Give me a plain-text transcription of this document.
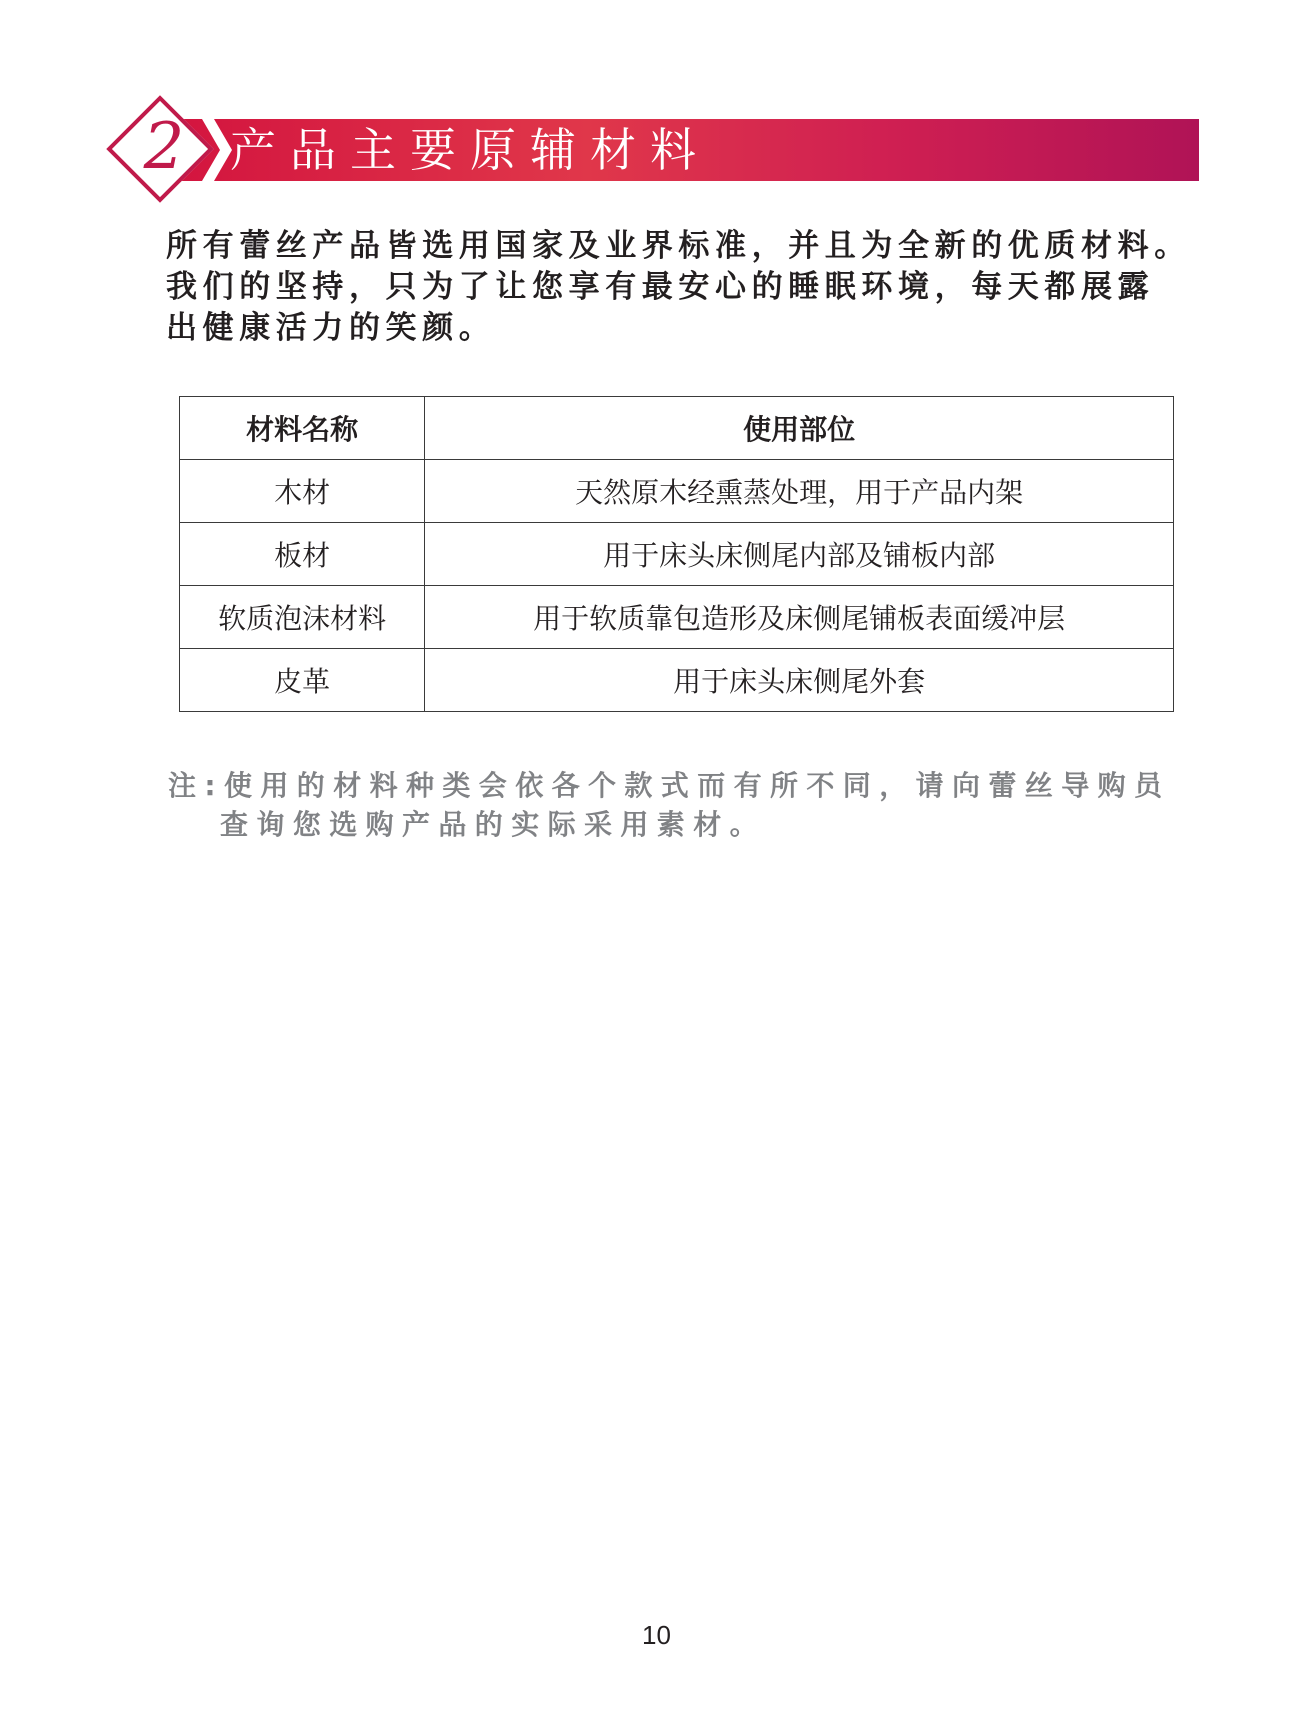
2 产品主要原辅材料
所有蕾丝产品皆选用国家及业界标准，并且为全新的优质材料。
我们的坚持，只为了让您享有最安心的睡眠环境，每天都展露
出健康活力的笑颜。
材料名称	使用部位
木材	天然原木经熏蒸处理，用于产品内架
板材	用于床头床侧尾内部及铺板内部
软质泡沫材料	用于软质靠包造形及床侧尾铺板表面缓冲层
皮革	用于床头床侧尾外套
注:使用的材料种类会依各个款式而有所不同，请向蕾丝导购员
查询您选购产品的实际采用素材。
10
